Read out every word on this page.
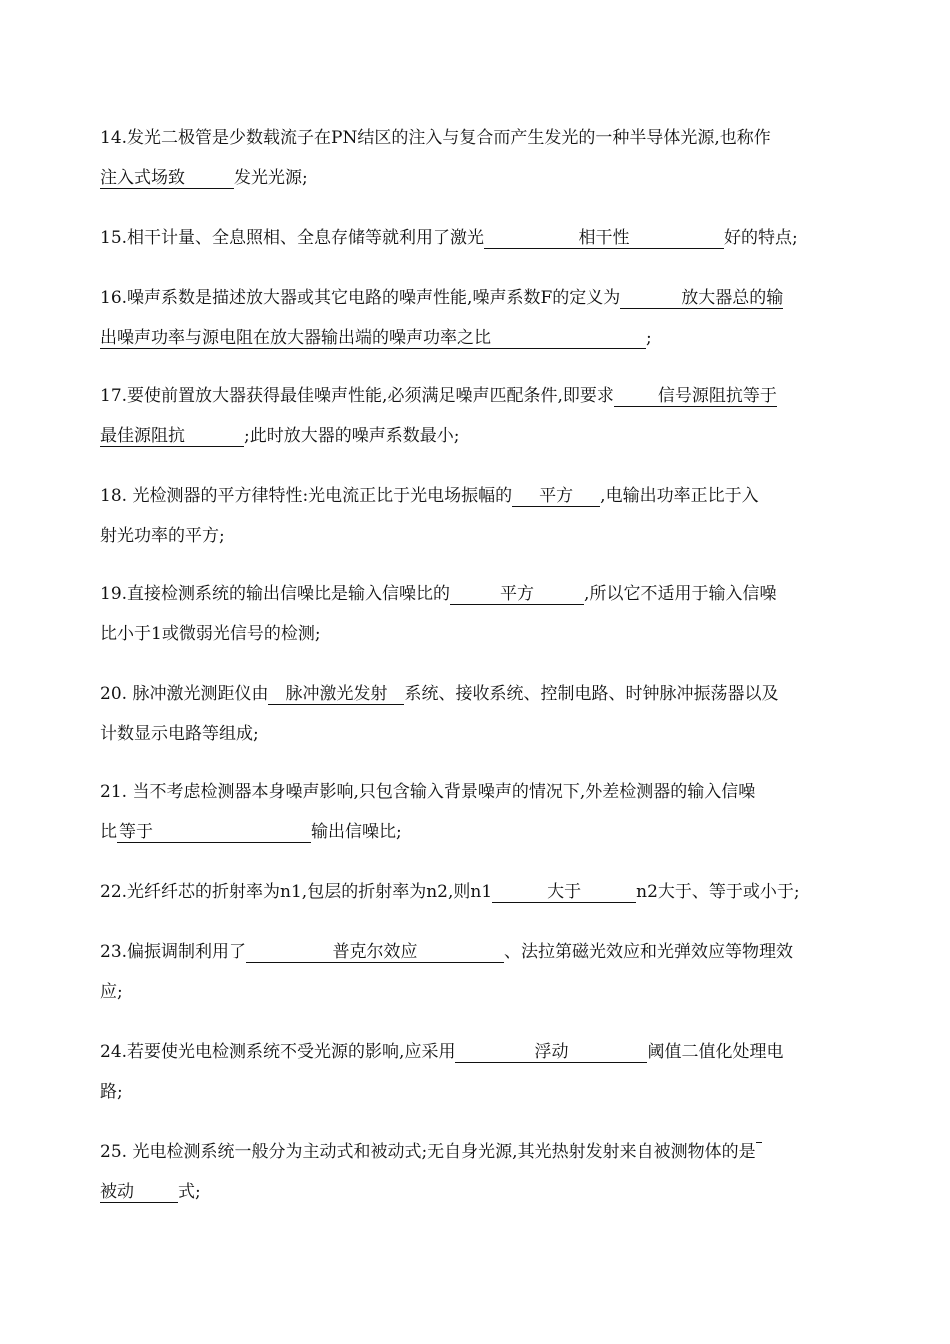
14.发光二极管是少数载流子在PN结区的注入与复合而产生发光的一种半导体光源,也称作
注入式场致	发光光源;
15.相干计量、全息照相、全息存储等就利用了激光	相干性	好的特点;
16.噪声系数是描述放大器或其它电路的噪声性能,噪声系数F的定义为	放大器总的输
出噪声功率与源电阻在放大器输出端的噪声功率之比	;
17.要使前置放大器获得最佳噪声性能,必须满足噪声匹配条件,即要求	信号源阻抗等于
最佳源阻抗	;此时放大器的噪声系数最小;
18. 光检测器的平方律特性:光电流正比于光电场振幅的 平方 ,电输出功率正比于入
射光功率的平方;
19.直接检测系统的输出信噪比是输入信噪比的	平方	,所以它不适用于输入信噪
比小于1或微弱光信号的检测;
20. 脉冲激光测距仪由 脉冲激光发射 系统、接收系统、控制电路、时钟脉冲振荡器以及
计数显示电路等组成;
21. 当不考虑检测器本身噪声影响,只包含输入背景噪声的情况下,外差检测器的输入信噪
比 等于	输出信噪比;
22.光纤纤芯的折射率为n1,包层的折射率为n2,则n1	大于	n2大于、等于或小于;
23.偏振调制利用了	普克尔效应	、法拉第磁光效应和光弹效应等物理效
应;
24.若要使光电检测系统不受光源的影响,应采用	浮动	阈值二值化处理电
路;
25. 光电检测系统一般分为主动式和被动式;无自身光源,其光热射发射来自被测物体的是
被动	式;
